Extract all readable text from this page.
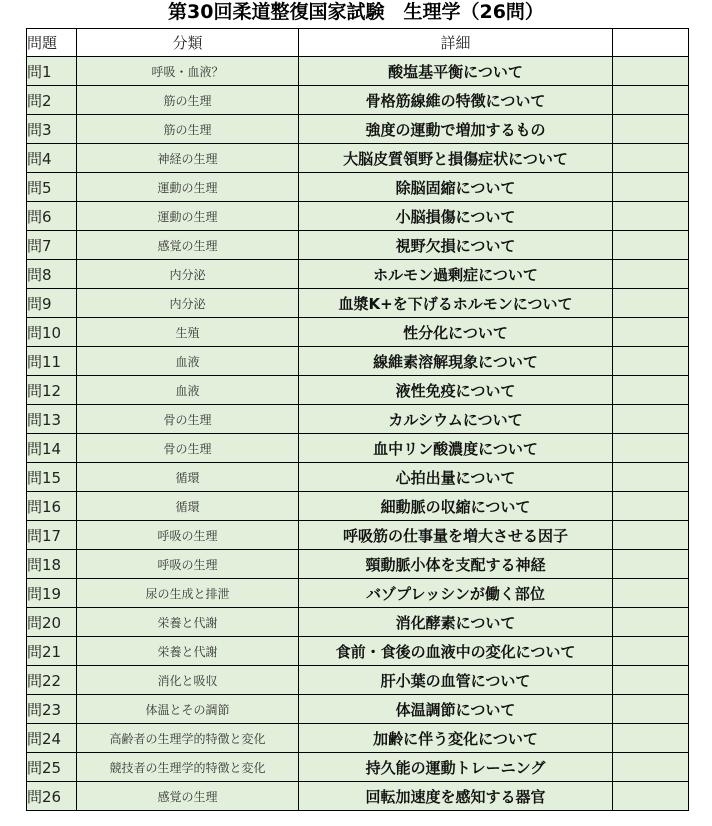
第30回柔道整復国家試験　生理学（26問）
問題	分類	詳細	
問1	呼吸・血液？	酸塩基平衡について	
問2	筋の生理	骨格筋線維の特徴について	
問3	筋の生理	強度の運動で増加するもの	
問4	神経の生理	大脳皮質領野と損傷症状について	
問5	運動の生理	除脳固縮について	
問6	運動の生理	小脳損傷について	
問7	感覚の生理	視野欠損について	
問8	内分泌	ホルモン過剰症について	
問9	内分泌	血漿K+を下げるホルモンについて	
問10	生殖	性分化について	
問11	血液	線維素溶解現象について	
問12	血液	液性免疫について	
問13	骨の生理	カルシウムについて	
問14	骨の生理	血中リン酸濃度について	
問15	循環	心拍出量について	
問16	循環	細動脈の収縮について	
問17	呼吸の生理	呼吸筋の仕事量を増大させる因子	
問18	呼吸の生理	頸動脈小体を支配する神経	
問19	尿の生成と排泄	バゾプレッシンが働く部位	
問20	栄養と代謝	消化酵素について	
問21	栄養と代謝	食前・食後の血液中の変化について	
問22	消化と吸収	肝小葉の血管について	
問23	体温とその調節	体温調節について	
問24	高齢者の生理学的特徴と変化	加齢に伴う変化について	
問25	競技者の生理学的特徴と変化	持久能の運動トレーニング	
問26	感覚の生理	回転加速度を感知する器官	
